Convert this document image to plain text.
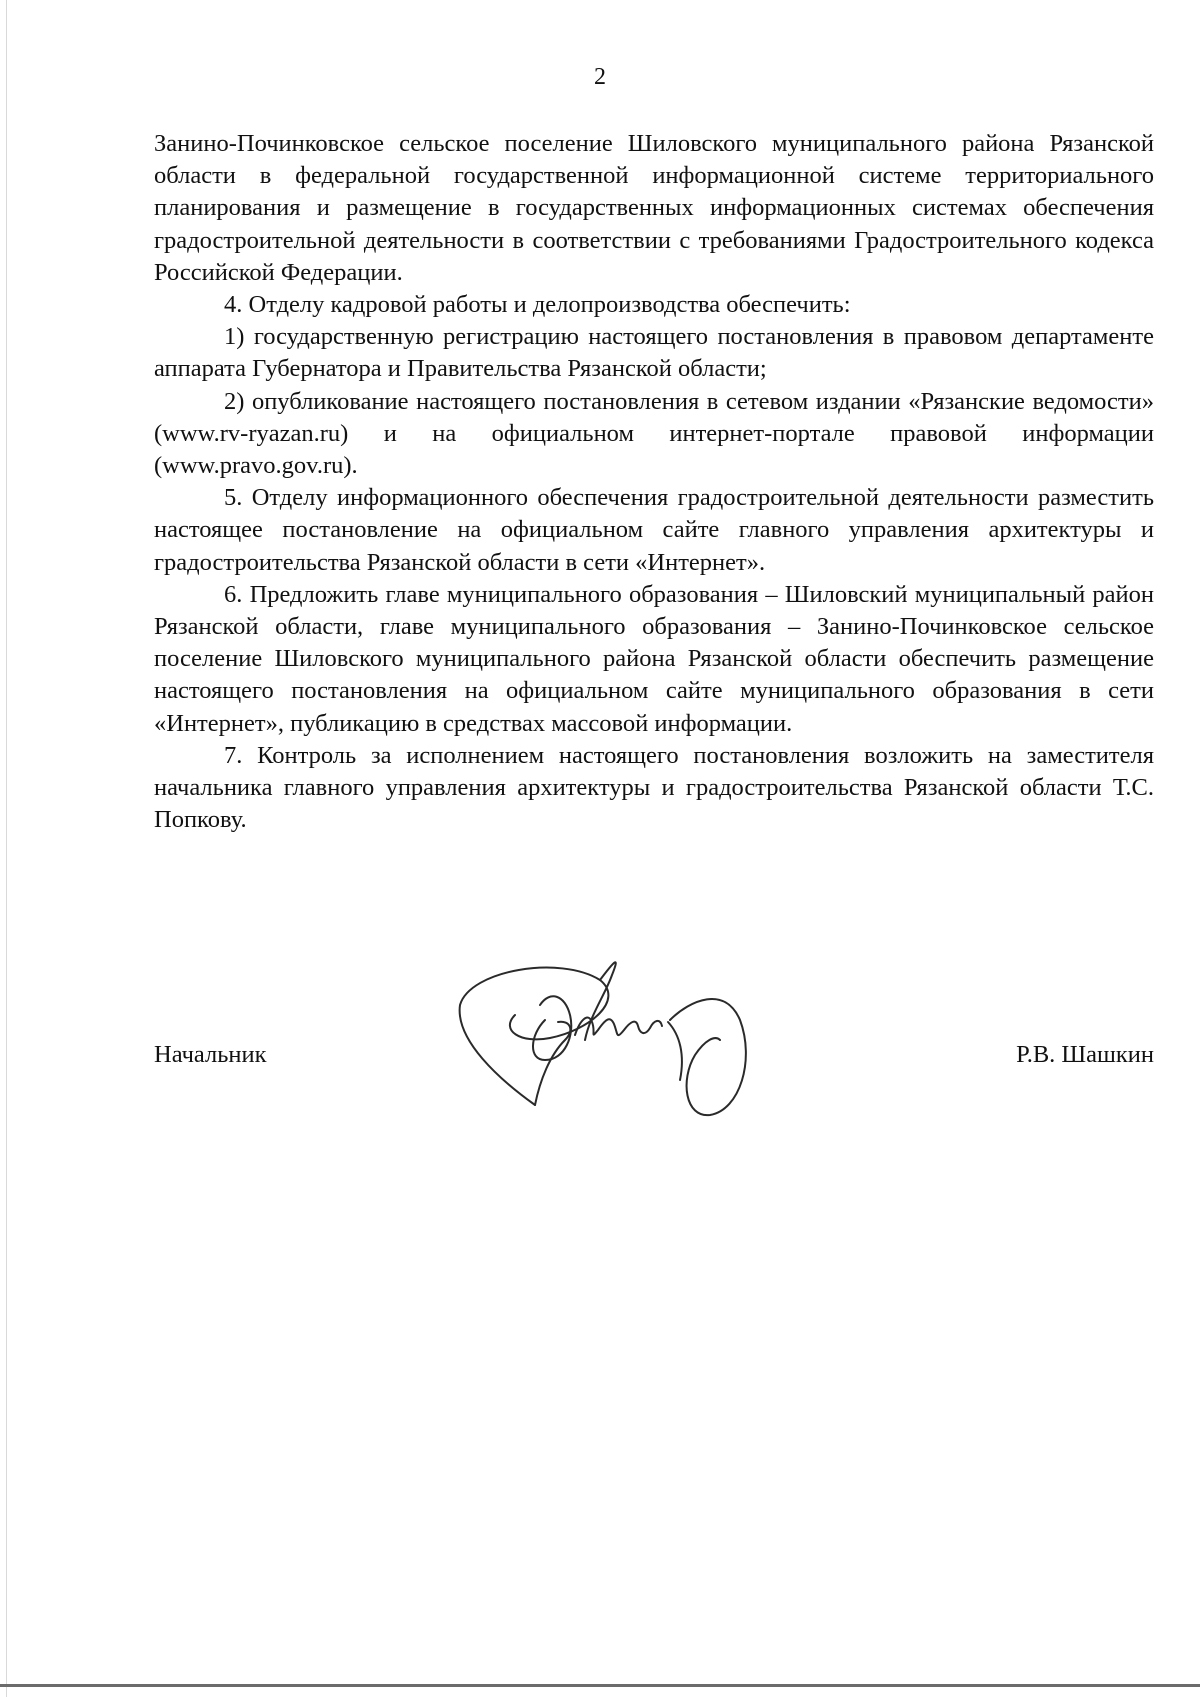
2

Занино-Починковское сельское поселение Шиловского муниципального района Рязанской области в федеральной государственной информационной системе территориального планирования и размещение в государственных информационных системах обеспечения градостроительной деятельности в соответствии с требованиями Градостроительного кодекса Российской Федерации.

4. Отделу кадровой работы и делопроизводства обеспечить:

1) государственную регистрацию настоящего постановления в правовом департаменте аппарата Губернатора и Правительства Рязанской области;

2) опубликование настоящего постановления в сетевом издании «Рязанские ведомости» (www.rv-ryazan.ru) и на официальном интернет-портале правовой информации (www.pravo.gov.ru).

5. Отделу информационного обеспечения градостроительной деятельности разместить настоящее постановление на официальном сайте главного управления архитектуры и градостроительства Рязанской области в сети «Интернет».

6. Предложить главе муниципального образования – Шиловский муниципальный район Рязанской области, главе муниципального образования – Занино-Починковское сельское поселение Шиловского муниципального района Рязанской области обеспечить размещение настоящего постановления на официальном сайте муниципального образования в сети «Интернет», публикацию в средствах массовой информации.

7. Контроль за исполнением настоящего постановления возложить на заместителя начальника главного управления архитектуры и градостроительства Рязанской области Т.С. Попкову.

Начальник	Р.В. Шашкин
